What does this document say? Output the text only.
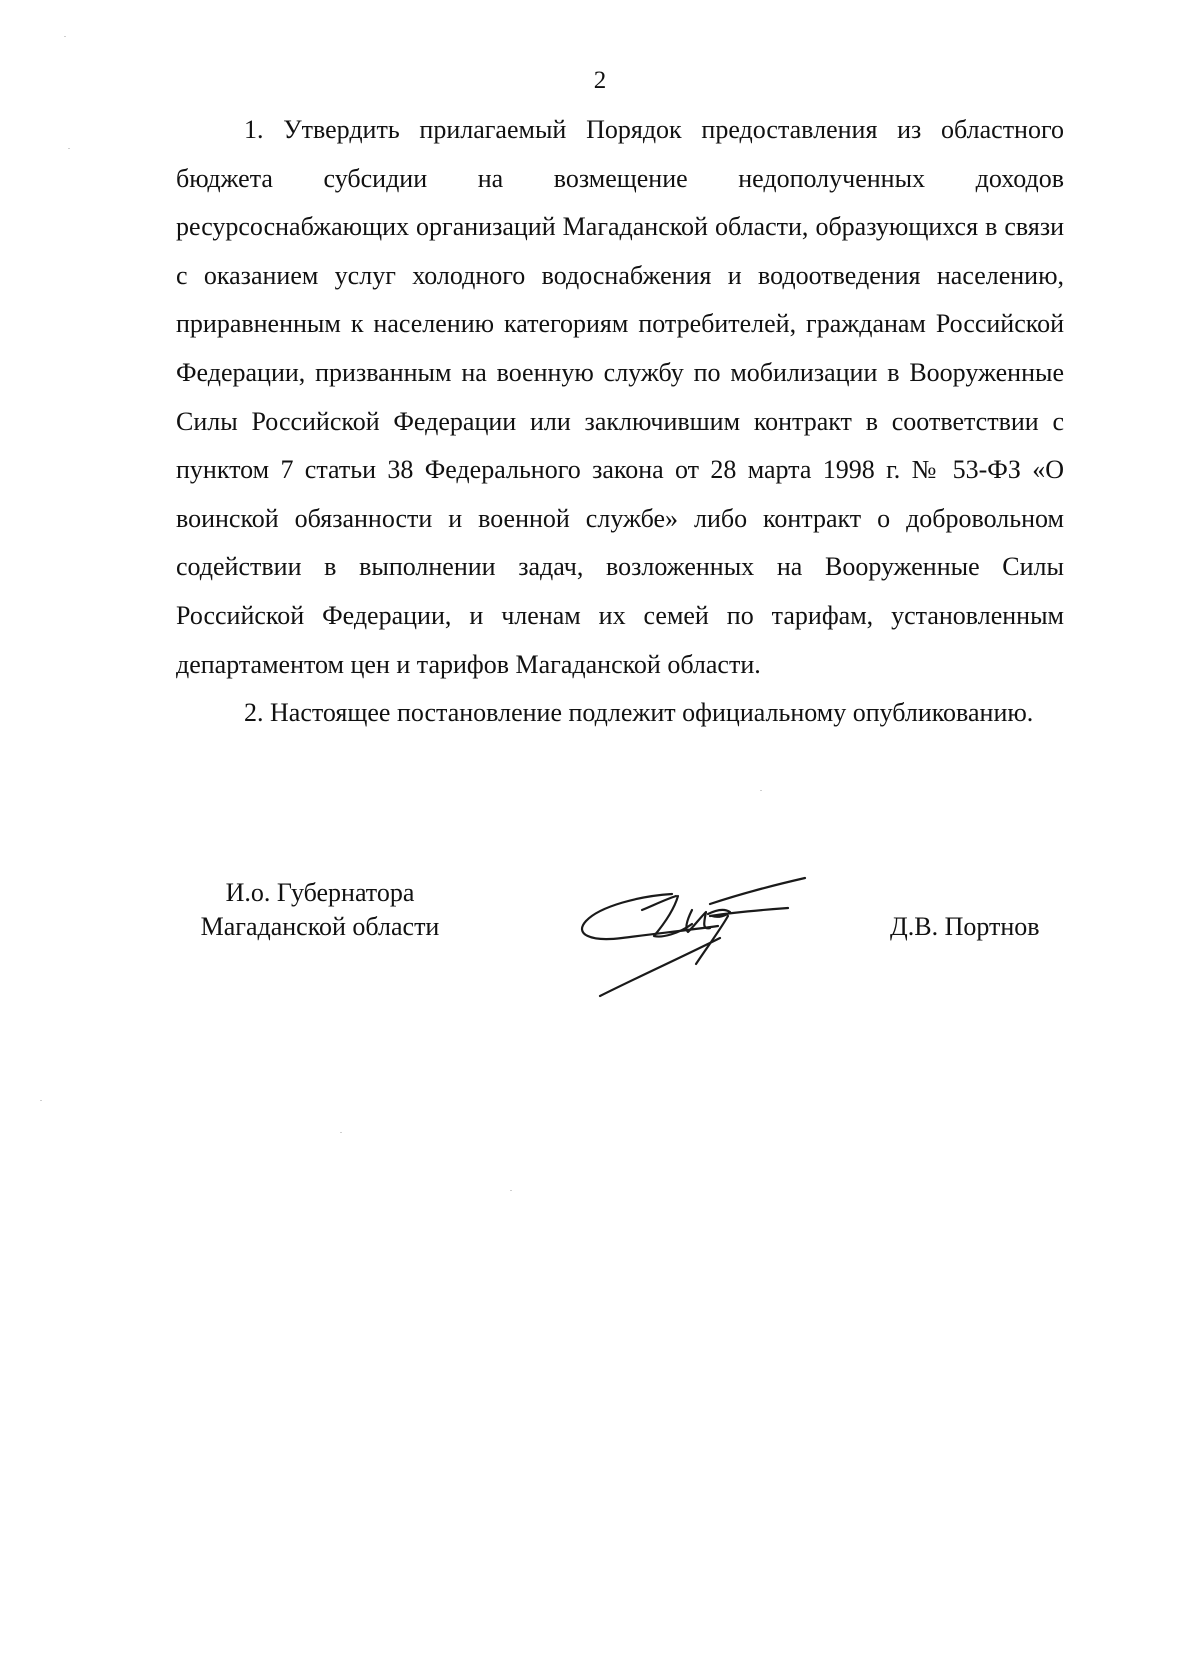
2

1. Утвердить прилагаемый Порядок предоставления из областного бюджета субсидии на возмещение недополученных доходов ресурсоснабжающих организаций Магаданской области, образующихся в связи с оказанием услуг холодного водоснабжения и водоотведения населению, приравненным к населению категориям потребителей, гражданам Российской Федерации, призванным на военную службу по мобилизации в Вооруженные Силы Российской Федерации или заключившим контракт в соответствии с пунктом 7 статьи 38 Федерального закона от 28 марта 1998 г. № 53-ФЗ «О воинской обязанности и военной службе» либо контракт о добровольном содействии в выполнении задач, возложенных на Вооруженные Силы Российской Федерации, и членам их семей по тарифам, установленным департаментом цен и тарифов Магаданской области.

2. Настоящее постановление подлежит официальному опубликованию.

И.о. Губернатора
Магаданской области	Д.В. Портнов
